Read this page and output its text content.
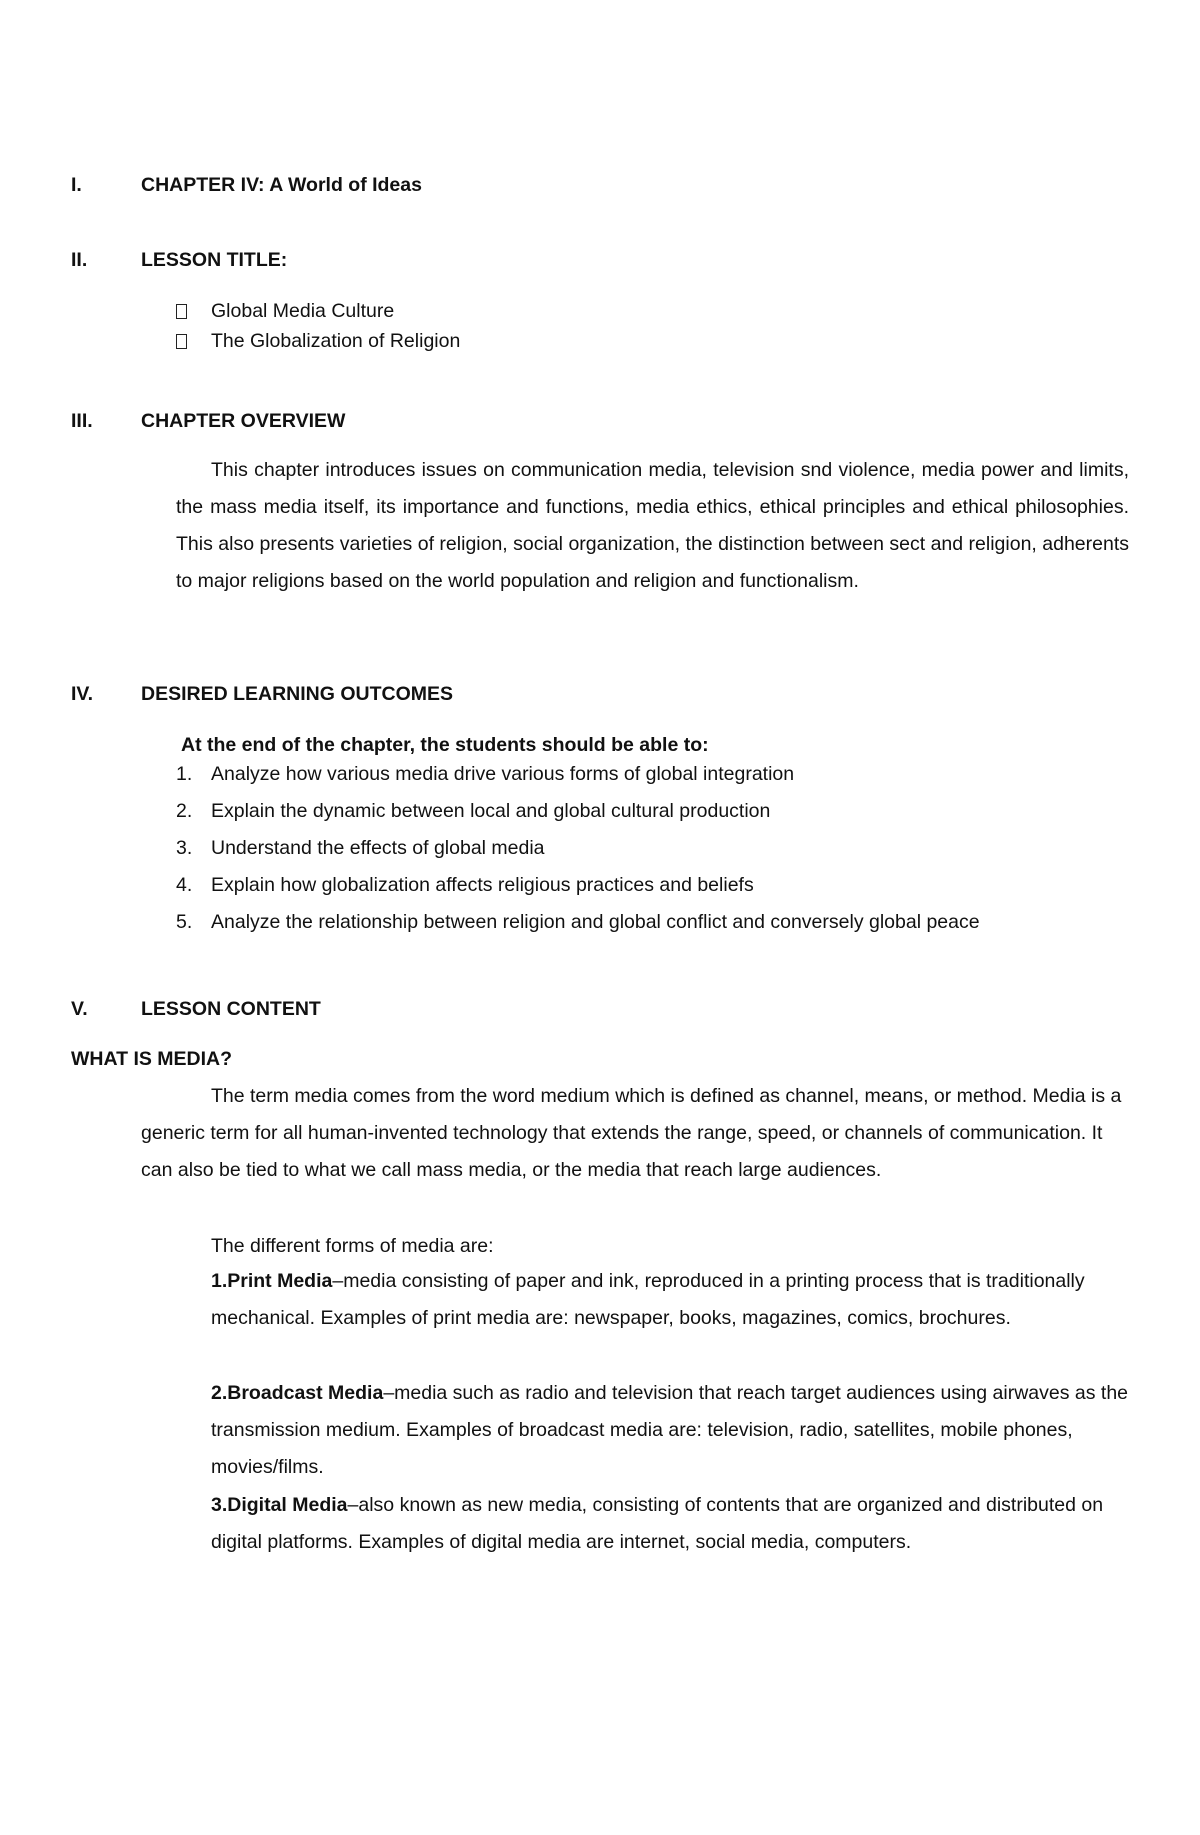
I.	CHAPTER IV: A World of Ideas
II.	LESSON TITLE:
Global Media Culture
The Globalization of Religion
III. CHAPTER OVERVIEW
This chapter introduces issues on communication media, television snd violence, media power and limits, the mass media itself, its importance and functions, media ethics, ethical principles and ethical philosophies. This also presents varieties of religion, social organization, the distinction between sect and religion, adherents to major religions based on the world population and religion and functionalism.
IV. DESIRED LEARNING OUTCOMES
At the end of the chapter, the students should be able to:
1. Analyze how various media drive various forms of global integration
2. Explain the dynamic between local and global cultural production
3. Understand the effects of global media
4. Explain how globalization affects religious practices and beliefs
5. Analyze the relationship between religion and global conflict and conversely global peace
V.	LESSON CONTENT
WHAT IS MEDIA?
The term media comes from the word medium which is defined as channel, means, or method. Media is a generic term for all human-invented technology that extends the range, speed, or channels of communication. It can also be tied to what we call mass media, or the media that reach large audiences.
The different forms of media are:
1.Print Media–media consisting of paper and ink, reproduced in a printing process that is traditionally mechanical. Examples of print media are: newspaper, books, magazines, comics, brochures.
2.Broadcast Media–media such as radio and television that reach target audiences using airwaves as the transmission medium. Examples of broadcast media are: television, radio, satellites, mobile phones, movies/films.
3.Digital Media–also known as new media, consisting of contents that are organized and distributed on digital platforms. Examples of digital media are internet, social media, computers.
